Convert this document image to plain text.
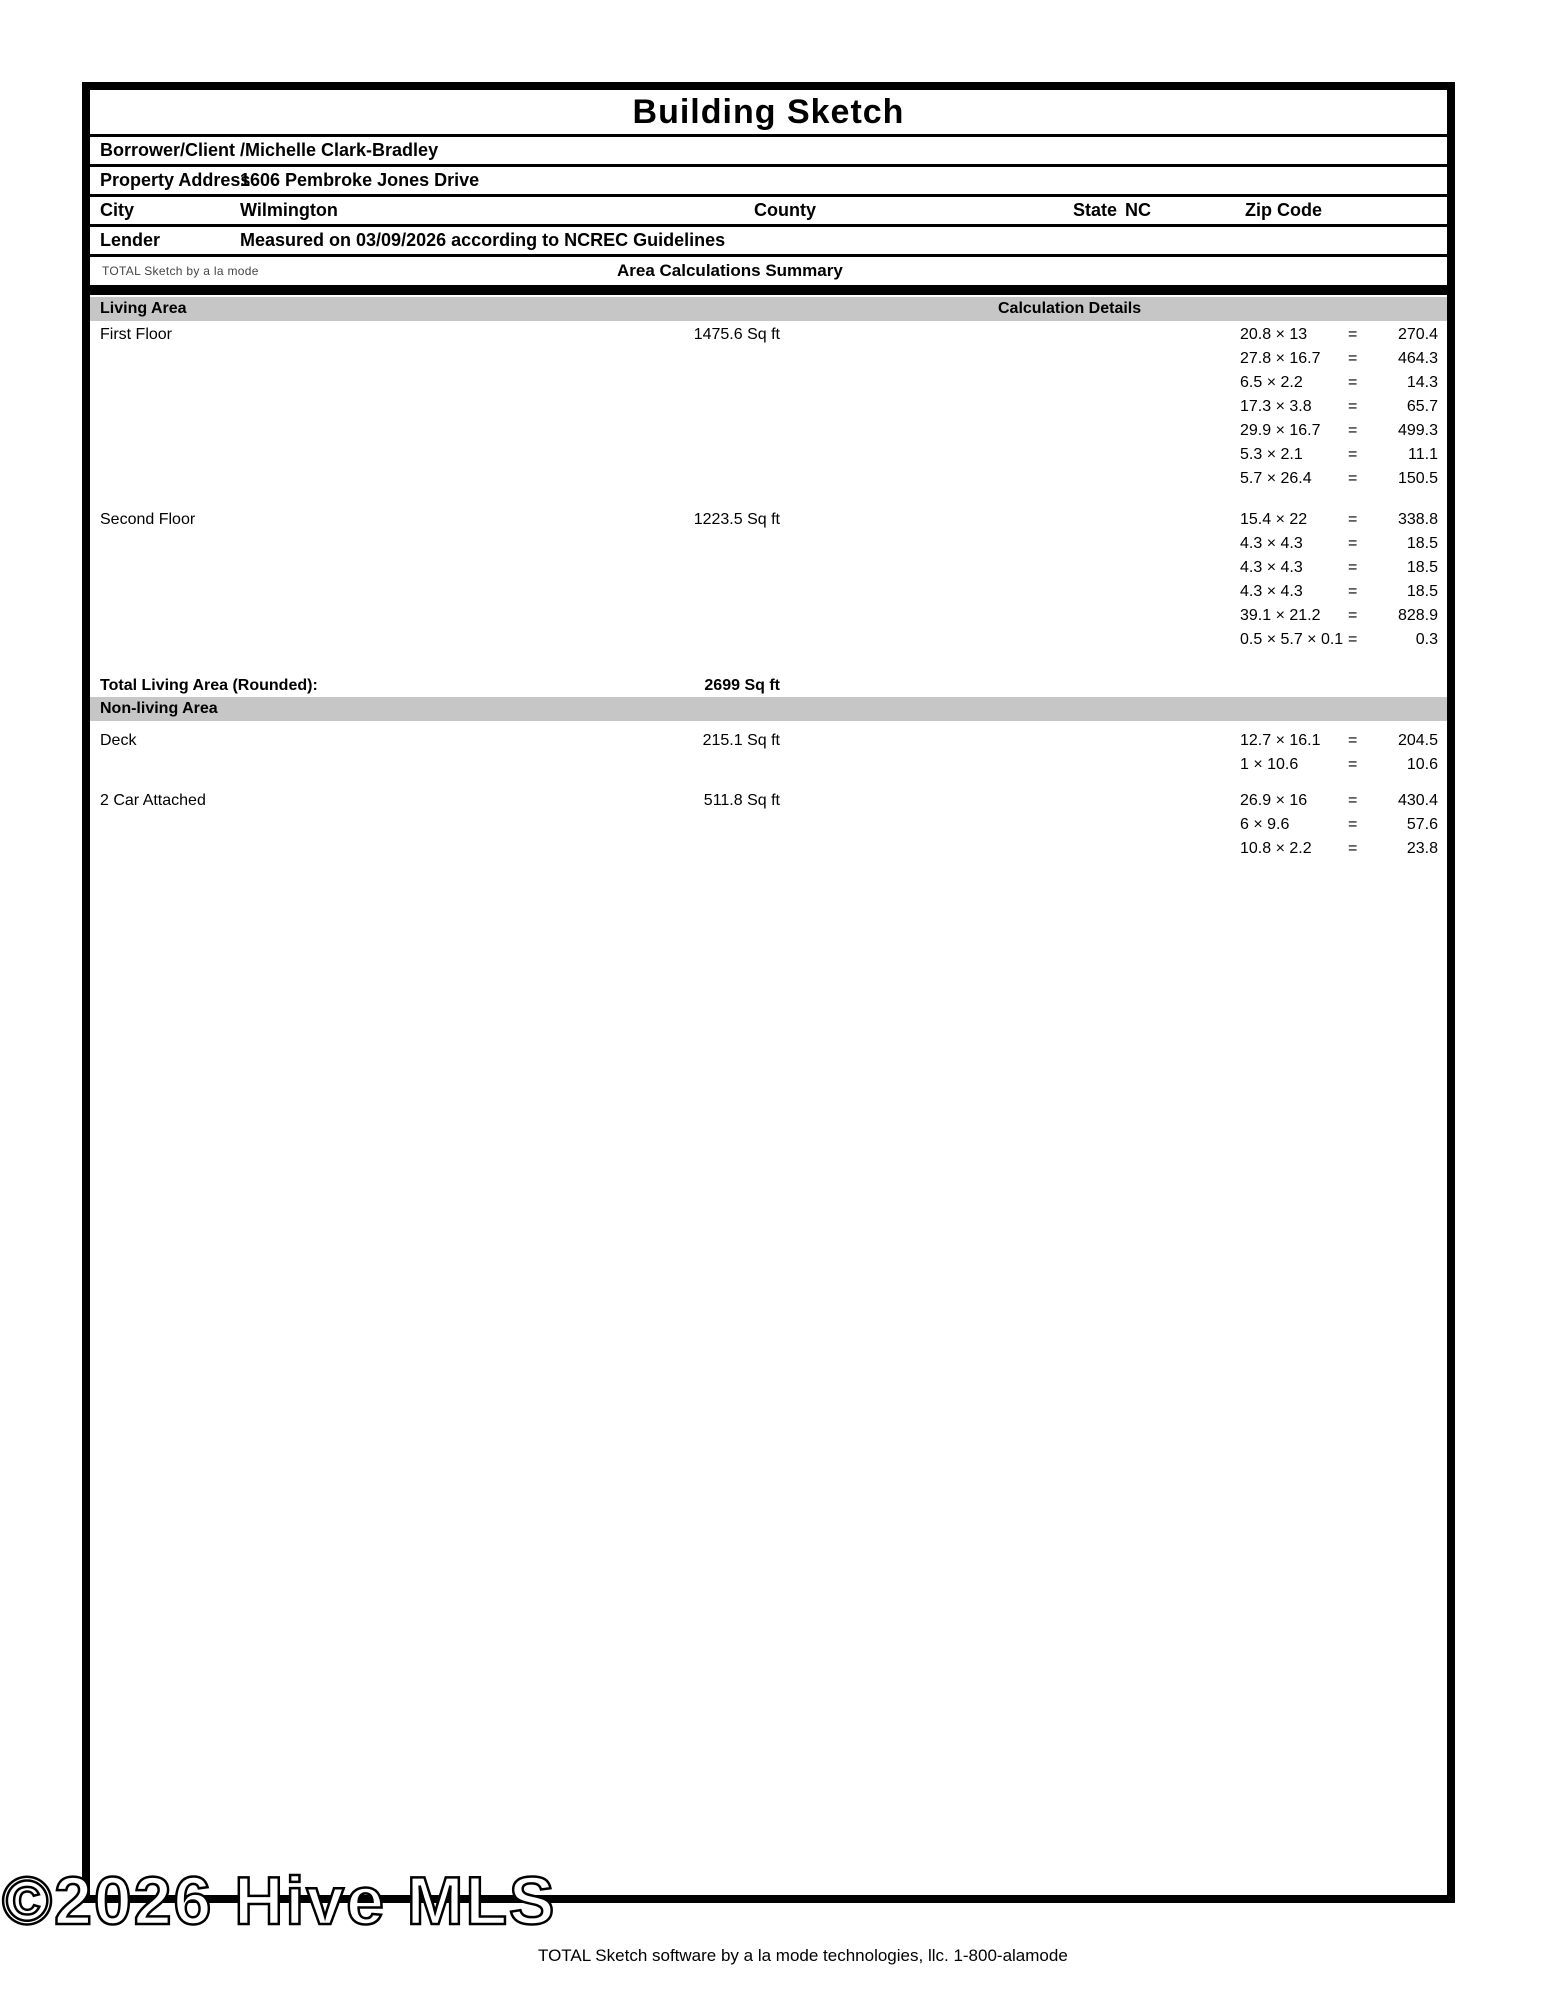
Building Sketch
Borrower/Client /Michelle Clark-Bradley
Property Address
1606 Pembroke Jones Drive
City	Wilmington	County	State NC	Zip Code
Lender	Measured on 03/09/2026 according to NCREC Guidelines
TOTAL Sketch by a la mode	Area Calculations Summary
Living Area	Calculation Details
First Floor	1475.6 Sq ft	20.8 × 13	=	270.4
27.8 × 16.7	=	464.3
6.5 × 2.2	=	14.3
17.3 × 3.8	=	65.7
29.9 × 16.7	=	499.3
5.3 × 2.1	=	11.1
5.7 × 26.4	=	150.5
Second Floor	1223.5 Sq ft	15.4 × 22	=	338.8
4.3 × 4.3	=	18.5
4.3 × 4.3	=	18.5
4.3 × 4.3	=	18.5
39.1 × 21.2	=	828.9
0.5 × 5.7 × 0.1 =	0.3
Total Living Area (Rounded):	2699 Sq ft
Non-living Area
Deck	215.1 Sq ft	12.7 × 16.1	=	204.5
1 × 10.6	=	10.6
2 Car Attached	511.8 Sq ft	26.9 × 16	=	430.4
6 × 9.6	=	57.6
10.8 × 2.2	=	23.8
©2026 Hive MLS
TOTAL Sketch software by a la mode technologies, llc. 1-800-alamode
